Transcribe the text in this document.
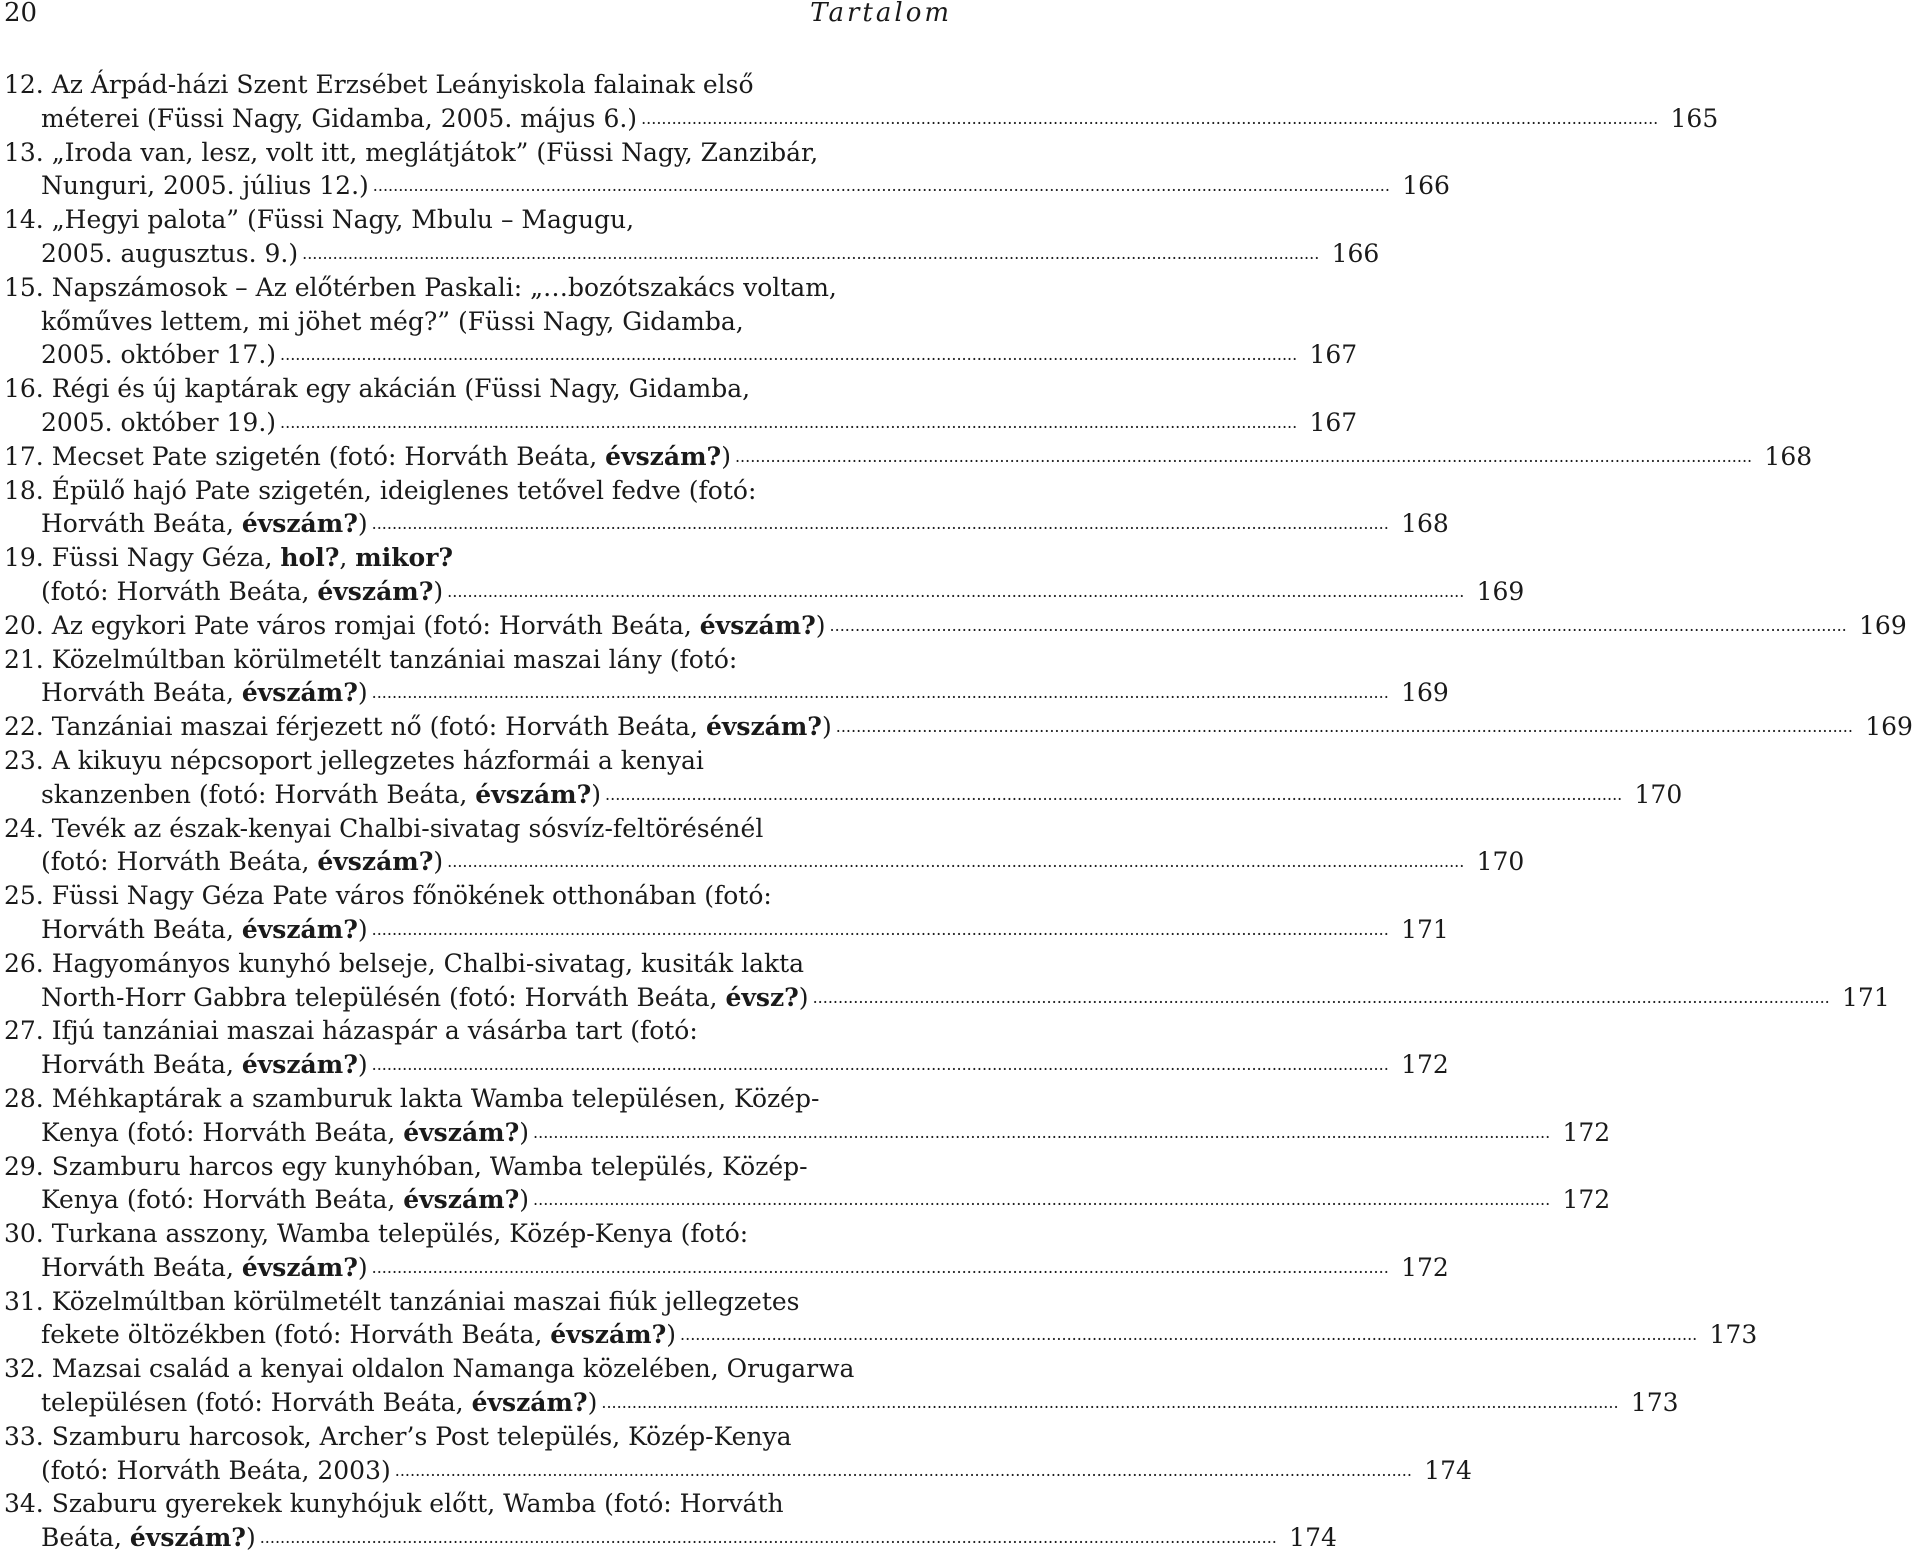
20	Tartalom
12. Az Árpád-házi Szent Erzsébet Leányiskola falainak első
méterei (Füssi Nagy, Gidamba, 2005. május 6.) ........................................................................................................................................................................................................ 165
13. „Iroda van, lesz, volt itt, meglátjátok” (Füssi Nagy, Zanzibár,
Nunguri, 2005. július 12.) ........................................................................................................................................................................................................ 166
14. „Hegyi palota” (Füssi Nagy, Mbulu – Magugu,
2005. augusztus. 9.) ........................................................................................................................................................................................................ 166
15. Napszámosok – Az előtérben Paskali: „…bozótszakács voltam,
kőműves lettem, mi jöhet még?” (Füssi Nagy, Gidamba,
2005. október 17.) ........................................................................................................................................................................................................ 167
16. Régi és új kaptárak egy akácián (Füssi Nagy, Gidamba,
2005. október 19.) ........................................................................................................................................................................................................ 167
17. Mecset Pate szigetén (fotó: Horváth Beáta, évszám?) ........................................................................................................................................................................................................ 168
18. Épülő hajó Pate szigetén, ideiglenes tetővel fedve (fotó:
Horváth Beáta, évszám?) ........................................................................................................................................................................................................ 168
19. Füssi Nagy Géza, hol?, mikor?
(fotó: Horváth Beáta, évszám?) ........................................................................................................................................................................................................ 169
20. Az egykori Pate város romjai (fotó: Horváth Beáta, évszám?) ........................................................................................................................................................................................................ 169
21. Közelmúltban körülmetélt tanzániai maszai lány (fotó:
Horváth Beáta, évszám?) ........................................................................................................................................................................................................ 169
22. Tanzániai maszai férjezett nő (fotó: Horváth Beáta, évszám?) ........................................................................................................................................................................................................ 169
23. A kikuyu népcsoport jellegzetes házformái a kenyai
skanzenben (fotó: Horváth Beáta, évszám?) ........................................................................................................................................................................................................ 170
24. Tevék az észak-kenyai Chalbi-sivatag sósvíz-feltörésénél
(fotó: Horváth Beáta, évszám?) ........................................................................................................................................................................................................ 170
25. Füssi Nagy Géza Pate város főnökének otthonában (fotó:
Horváth Beáta, évszám?) ........................................................................................................................................................................................................ 171
26. Hagyományos kunyhó belseje, Chalbi-sivatag, kusiták lakta
North-Horr Gabbra településén (fotó: Horváth Beáta, évsz?) ........................................................................................................................................................................................................ 171
27. Ifjú tanzániai maszai házaspár a vásárba tart (fotó:
Horváth Beáta, évszám?) ........................................................................................................................................................................................................ 172
28. Méhkaptárak a szamburuk lakta Wamba településen, Közép-
Kenya (fotó: Horváth Beáta, évszám?) ........................................................................................................................................................................................................ 172
29. Szamburu harcos egy kunyhóban, Wamba település, Közép-
Kenya (fotó: Horváth Beáta, évszám?) ........................................................................................................................................................................................................ 172
30. Turkana asszony, Wamba település, Közép-Kenya (fotó:
Horváth Beáta, évszám?) ........................................................................................................................................................................................................ 172
31. Közelmúltban körülmetélt tanzániai maszai fiúk jellegzetes
fekete öltözékben (fotó: Horváth Beáta, évszám?) ........................................................................................................................................................................................................ 173
32. Mazsai család a kenyai oldalon Namanga közelében, Orugarwa
településen (fotó: Horváth Beáta, évszám?) ........................................................................................................................................................................................................ 173
33. Szamburu harcosok, Archer’s Post település, Közép-Kenya
(fotó: Horváth Beáta, 2003) ........................................................................................................................................................................................................ 174
34. Szaburu gyerekek kunyhójuk előtt, Wamba (fotó: Horváth
Beáta, évszám?) ........................................................................................................................................................................................................ 174
